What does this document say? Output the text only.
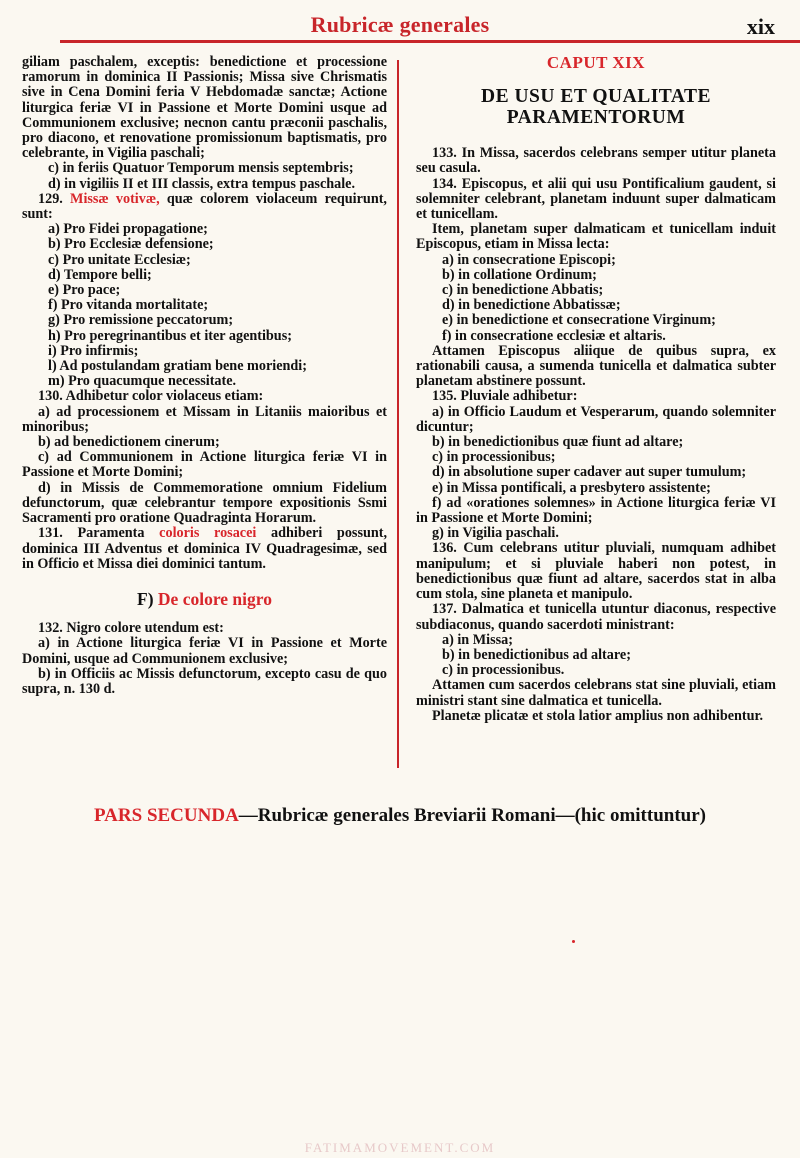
Rubricæ generales	xix

giliam paschalem, exceptis: benedictione et processione ramorum in dominica II Passionis; Missa sive Chrismatis sive in Cena Domini feria V Hebdomadæ sanctæ; Actione liturgica feriæ VI in Passione et Morte Domini usque ad Communionem exclusive; necnon cantu præconii paschalis, pro diacono, et renovatione promissionum baptismatis, pro celebrante, in Vigilia paschali;

c) in feriis Quatuor Temporum mensis septembris;

d) in vigiliis II et III classis, extra tempus paschale.

129. Missæ votivæ, quæ colorem violaceum requirunt, sunt:

a) Pro Fidei propagatione;

b) Pro Ecclesiæ defensione;

c) Pro unitate Ecclesiæ;

d) Tempore belli;

e) Pro pace;

f) Pro vitanda mortalitate;

g) Pro remissione peccatorum;

h) Pro peregrinantibus et iter agentibus;

i) Pro infirmis;

l) Ad postulandam gratiam bene moriendi;

m) Pro quacumque necessitate.

130. Adhibetur color violaceus etiam:

a) ad processionem et Missam in Litaniis maioribus et minoribus;

b) ad benedictionem cinerum;

c) ad Communionem in Actione liturgica feriæ VI in Passione et Morte Domini;

d) in Missis de Commemoratione omnium Fidelium defunctorum, quæ celebrantur tempore expositionis Ssmi Sacramenti pro oratione Quadraginta Horarum.

131. Paramenta coloris rosacei adhiberi possunt, dominica III Adventus et dominica IV Quadragesimæ, sed in Officio et Missa diei dominici tantum.

F) De colore nigro

132. Nigro colore utendum est:

a) in Actione liturgica feriæ VI in Passione et Morte Domini, usque ad Communionem exclusive;

b) in Officiis ac Missis defunctorum, excepto casu de quo supra, n. 130 d.

CAPUT XIX
DE USU ET QUALITATE
PARAMENTORUM

133. In Missa, sacerdos celebrans semper utitur planeta seu casula.

134. Episcopus, et alii qui usu Pontificalium gaudent, si solemniter celebrant, planetam induunt super dalmaticam et tunicellam.

Item, planetam super dalmaticam et tunicellam induit Episcopus, etiam in Missa lecta:

a) in consecratione Episcopi;

b) in collatione Ordinum;

c) in benedictione Abbatis;

d) in benedictione Abbatissæ;

e) in benedictione et consecratione Virginum;

f) in consecratione ecclesiæ et altaris.

Attamen Episcopus aliique de quibus supra, ex rationabili causa, a sumenda tunicella et dalmatica subter planetam abstinere possunt.

135. Pluviale adhibetur:

a) in Officio Laudum et Vesperarum, quando solemniter dicuntur;

b) in benedictionibus quæ fiunt ad altare;

c) in processionibus;

d) in absolutione super cadaver aut super tumulum;

e) in Missa pontificali, a presbytero assistente;

f) ad «orationes solemnes» in Actione liturgica feriæ VI in Passione et Morte Domini;

g) in Vigilia paschali.

136. Cum celebrans utitur pluviali, numquam adhibet manipulum; et si pluviale haberi non potest, in benedictionibus quæ fiunt ad altare, sacerdos stat in alba cum stola, sine planeta et manipulo.

137. Dalmatica et tunicella utuntur diaconus, respective subdiaconus, quando sacerdoti ministrant:

a) in Missa;

b) in benedictionibus ad altare;

c) in processionibus.

Attamen cum sacerdos celebrans stat sine pluviali, etiam ministri stant sine dalmatica et tunicella.

Planetæ plicatæ et stola latior amplius non adhibentur.

PARS SECUNDA—Rubricæ generales Breviarii Romani—(hic omittuntur)
FATIMAMOVEMENT.COM
